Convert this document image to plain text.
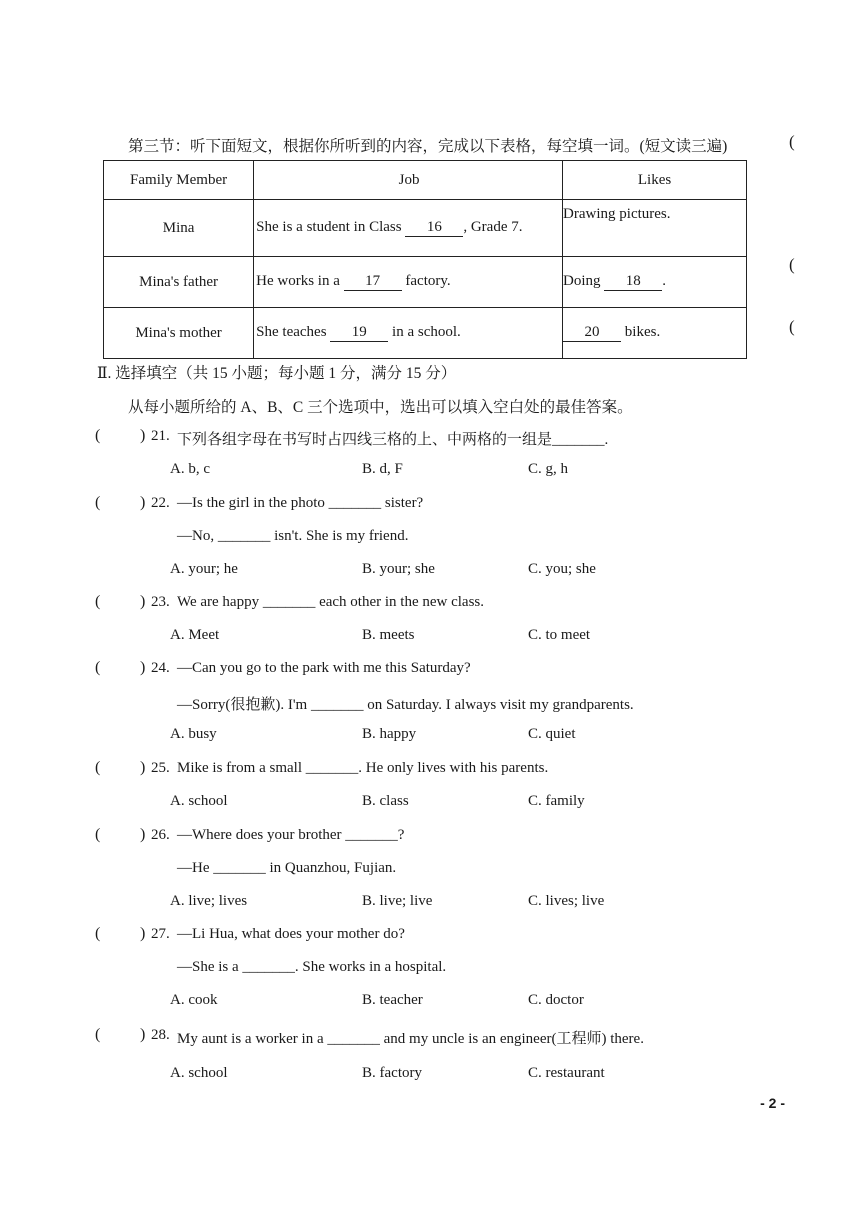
第三节：听下面短文，根据你所听到的内容，完成以下表格，每空填一词。(短文读三遍)	(
(
(
Family Member	Job	Likes
Mina	She is a student in Class 16 , Grade 7.	Drawing pictures.
Mina's father	He works in a 17 factory.	Doing 18 .
Mina's mother	She teaches 19 in a school.	20 bikes.
Ⅱ. 选择填空（共 15 小题；每小题 1 分，满分 15 分）
从每小题所给的 A、B、C 三个选项中，选出可以填入空白处的最佳答案。
( ) 21. 下列各组字母在书写时占四线三格的上、中两格的一组是_______.
A. b, c	B. d, F	C. g, h
( ) 22. —Is the girl in the photo _______ sister?
—No, _______ isn't. She is my friend.
A. your; he	B. your; she	C. you; she
( ) 23. We are happy _______ each other in the new class.
A. Meet	B. meets	C. to meet
( ) 24. —Can you go to the park with me this Saturday?
—Sorry(很抱歉). I'm _______ on Saturday. I always visit my grandparents.
A. busy	B. happy	C. quiet
( ) 25. Mike is from a small _______. He only lives with his parents.
A. school	B. class	C. family
( ) 26. —Where does your brother _______?
—He _______ in Quanzhou, Fujian.
A. live; lives	B. live; live	C. lives; live
( ) 27. —Li Hua, what does your mother do?
—She is a _______. She works in a hospital.
A. cook	B. teacher	C. doctor
( ) 28. My aunt is a worker in a _______ and my uncle is an engineer(工程师) there.
A. school	B. factory	C. restaurant
- 2 -
